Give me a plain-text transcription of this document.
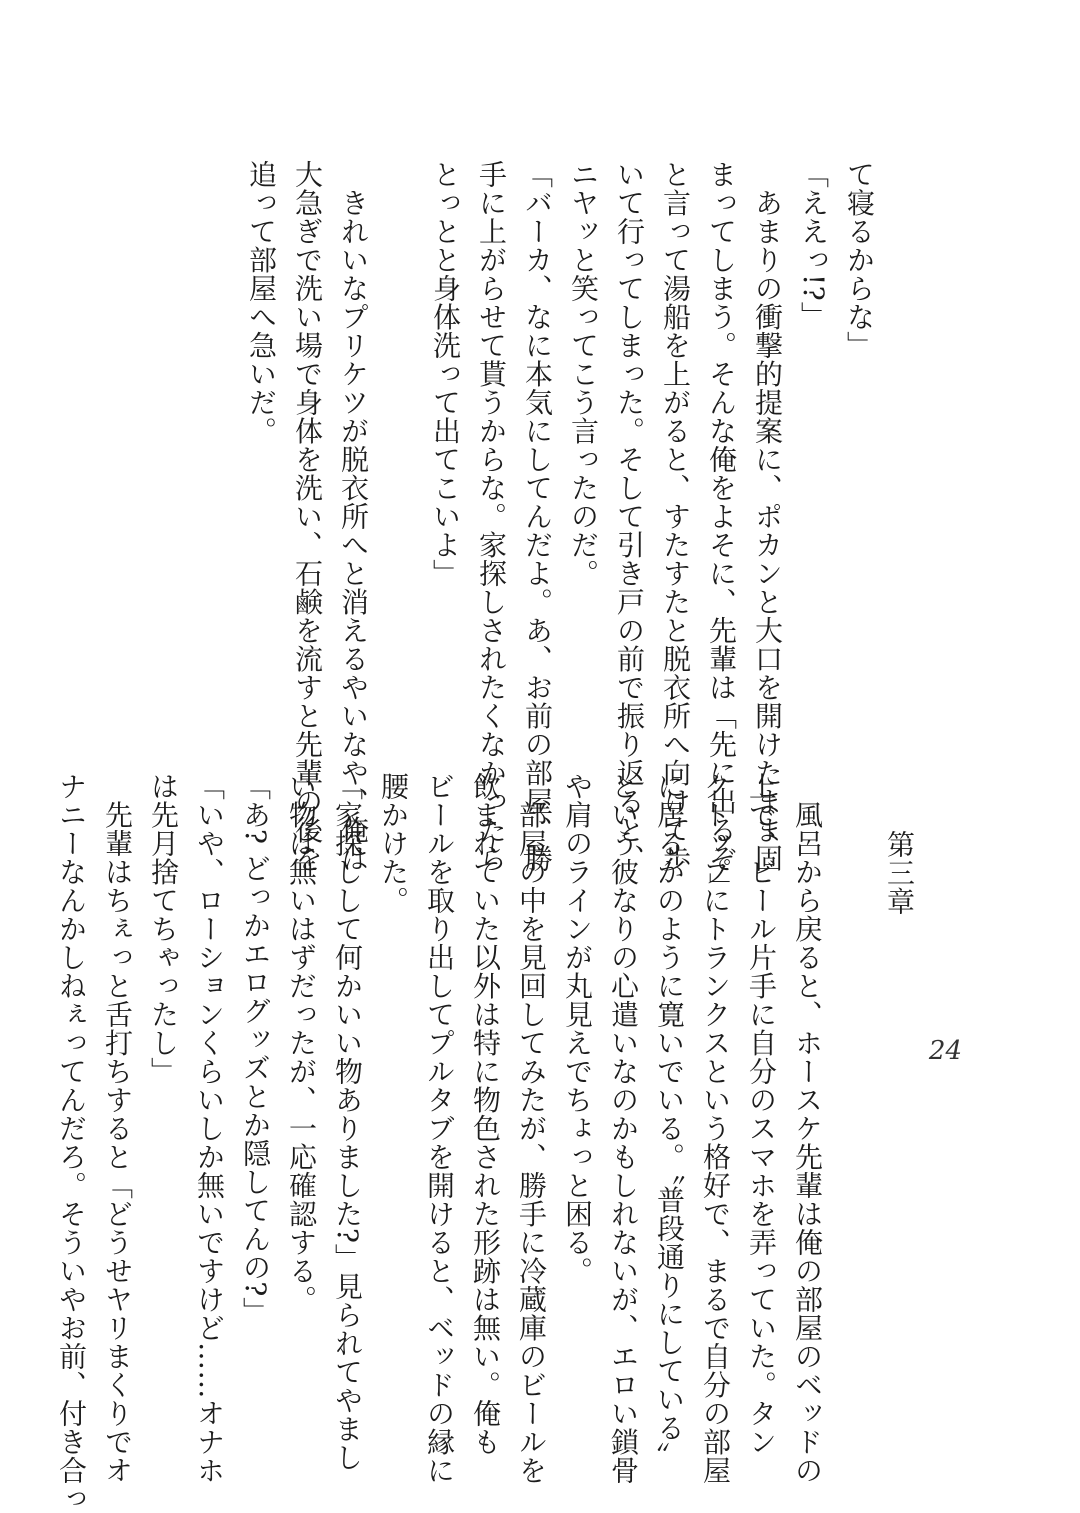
て寝るからな」
「ええっ!?」
　あまりの衝撃的提案に、ポカンと大口を開けたまま固
まってしまう。そんな俺をよそに、先輩は「先に出るぞ」
と言って湯船を上がると、すたすたと脱衣所へ向けて歩
いて行ってしまった。そして引き戸の前で振り返ると、
ニヤッと笑ってこう言ったのだ。
「バーカ、なに本気にしてんだよ。あ、お前の部屋、勝
手に上がらせて貰うからな。家探しされたくなかったら
とっとと身体洗って出てこいよ」
　きれいなプリケツが脱衣所へと消えるやいなや、俺は
大急ぎで洗い場で身体を洗い、石鹸を流すと先輩の後を
追って部屋へ急いだ。
第三章
　風呂から戻ると、ホースケ先輩は俺の部屋のベッドの
上で、ビール片手に自分のスマホを弄っていた。タン
クトップにトランクスという格好で、まるで自分の部屋
に居るかのように寛いでいる。〝普段通りにしている〟
という彼なりの心遣いなのかもしれないが、エロい鎖骨
や肩のラインが丸見えでちょっと困る。
　部屋の中を見回してみたが、勝手に冷蔵庫のビールを
飲まれていた以外は特に物色された形跡は無い。俺も
ビールを取り出してプルタブを開けると、ベッドの縁に
腰かけた。
「家探しして何かいい物ありました?」見られてやまし
い物は無いはずだったが、一応確認する。
「あ? どっかエログッズとか隠してんの?」
「いや、ローションくらいしか無いですけど……オナホ
は先月捨てちゃったし」
　先輩はちぇっと舌打ちすると「どうせヤリまくりでオ
ナニーなんかしねぇってんだろ。そういやお前、付き合っ	24
